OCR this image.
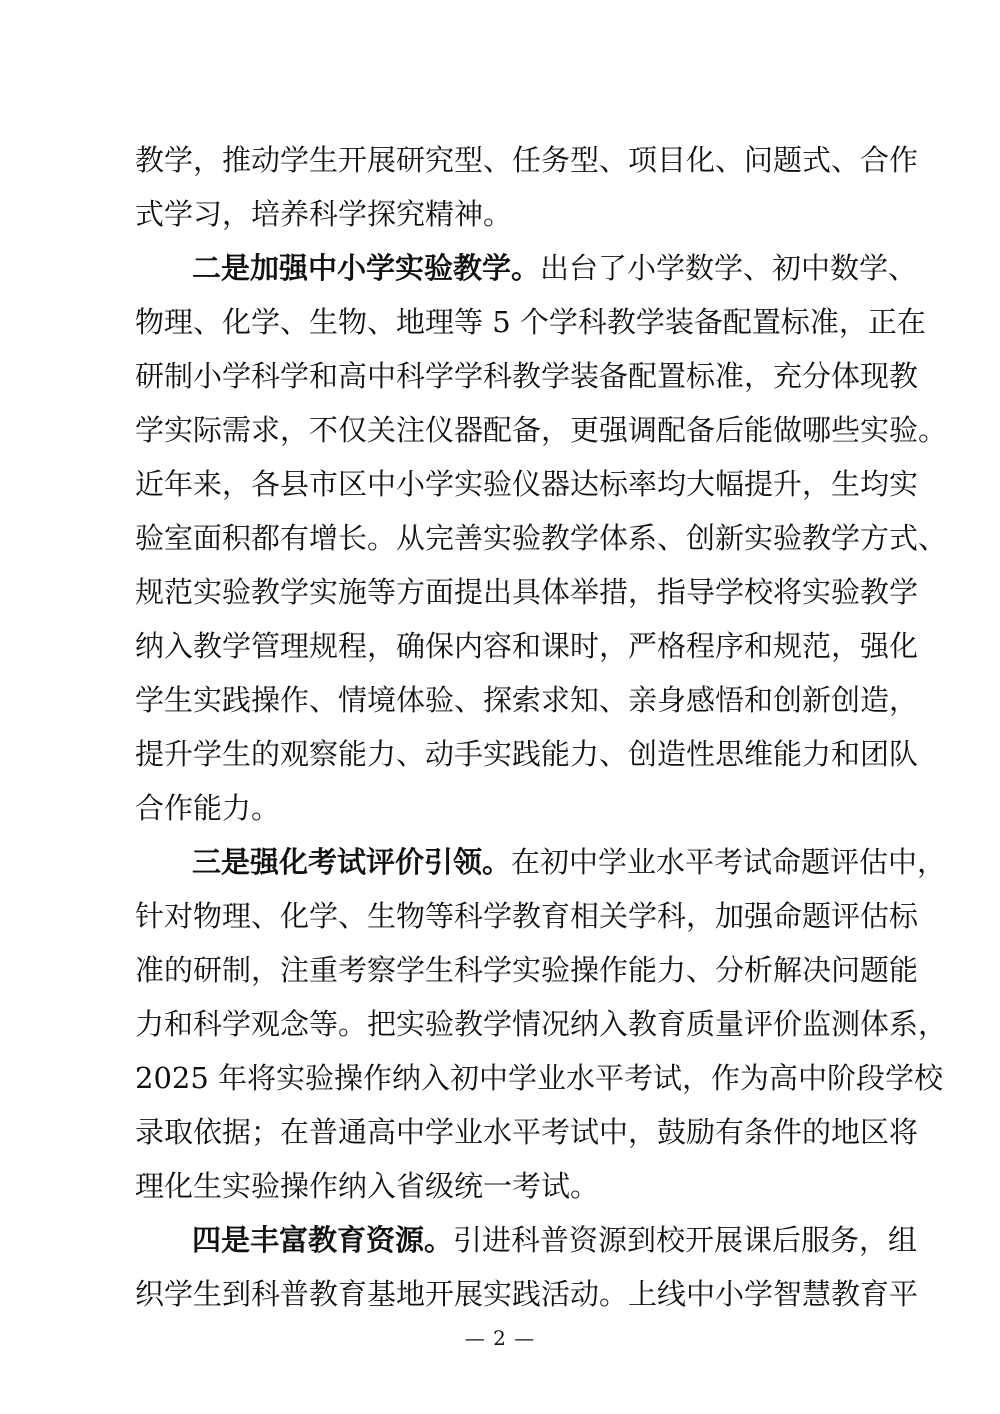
教学，推动学生开展研究型、任务型、项目化、问题式、合作
式学习，培养科学探究精神。
二是加强中小学实验教学。出台了小学数学、初中数学、
物理、化学、生物、地理等 5 个学科教学装备配置标准，正在
研制小学科学和高中科学学科教学装备配置标准，充分体现教
学实际需求，不仅关注仪器配备，更强调配备后能做哪些实验。
近年来，各县市区中小学实验仪器达标率均大幅提升，生均实
验室面积都有增长。从完善实验教学体系、创新实验教学方式、
规范实验教学实施等方面提出具体举措，指导学校将实验教学
纳入教学管理规程，确保内容和课时，严格程序和规范，强化
学生实践操作、情境体验、探索求知、亲身感悟和创新创造，
提升学生的观察能力、动手实践能力、创造性思维能力和团队
合作能力。
三是强化考试评价引领。在初中学业水平考试命题评估中，
针对物理、化学、生物等科学教育相关学科，加强命题评估标
准的研制，注重考察学生科学实验操作能力、分析解决问题能
力和科学观念等。把实验教学情况纳入教育质量评价监测体系，
2025 年将实验操作纳入初中学业水平考试，作为高中阶段学校
录取依据；在普通高中学业水平考试中，鼓励有条件的地区将
理化生实验操作纳入省级统一考试。
四是丰富教育资源。引进科普资源到校开展课后服务，组
织学生到科普教育基地开展实践活动。上线中小学智慧教育平
— 2 —
